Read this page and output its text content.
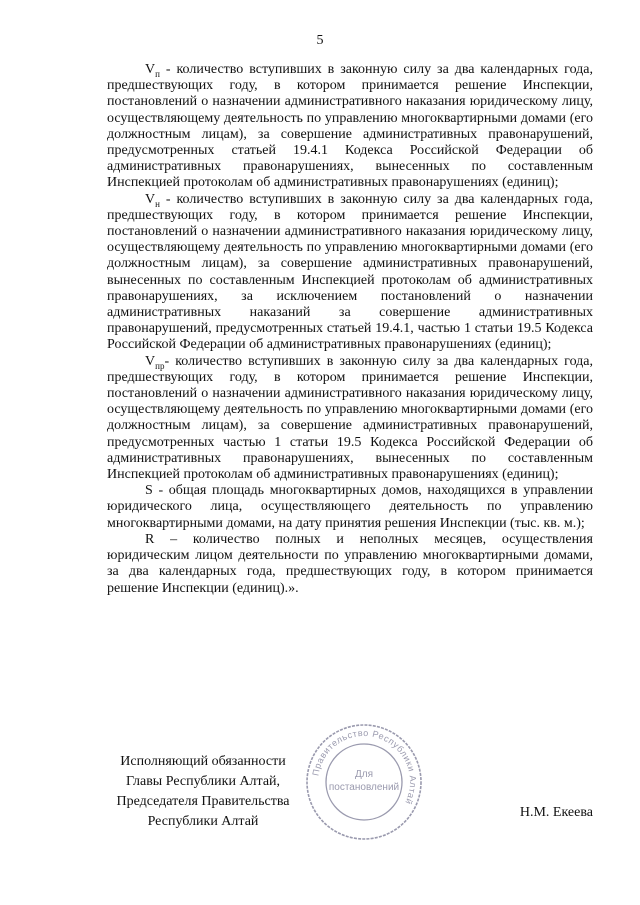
5

$V_п$ - количество вступивших в законную силу за два календарных года, предшествующих году, в котором принимается решение Инспекции, постановлений о назначении административного наказания юридическому лицу, осуществляющему деятельность по управлению многоквартирными домами (его должностным лицам), за совершение административных правонарушений, предусмотренных статьей 19.4.1 Кодекса Российской Федерации об административных правонарушениях, вынесенных по составленным Инспекцией протоколам об административных правонарушениях (единиц);

$V_н$ - количество вступивших в законную силу за два календарных года, предшествующих году, в котором принимается решение Инспекции, постановлений о назначении административного наказания юридическому лицу, осуществляющему деятельность по управлению многоквартирными домами (его должностным лицам), за совершение административных правонарушений, вынесенных по составленным Инспекцией протоколам об административных правонарушениях, за исключением постановлений о назначении административных наказаний за совершение административных правонарушений, предусмотренных статьей 19.4.1, частью 1 статьи 19.5 Кодекса Российской Федерации об административных правонарушениях (единиц);

$V_{пр}-$ количество вступивших в законную силу за два календарных года, предшествующих году, в котором принимается решение Инспекции, постановлений о назначении административного наказания юридическому лицу, осуществляющему деятельность по управлению многоквартирными домами (его должностным лицам), за совершение административных правонарушений, предусмотренных частью 1 статьи 19.5 Кодекса Российской Федерации об административных правонарушениях, вынесенных по составленным Инспекцией протоколам об административных правонарушениях (единиц);

S - общая площадь многоквартирных домов, находящихся в управлении юридического лица, осуществляющего деятельность по управлению многоквартирными домами, на дату принятия решения Инспекции (тыс. кв. м.);

R – количество полных и неполных месяцев, осуществления юридическим лицом деятельности по управлению многоквартирными домами, за два календарных года, предшествующих году, в котором принимается решение Инспекции (единиц).».

Исполняющий обязанности
Главы Республики Алтай,
Председателя Правительства
Республики Алтай
Правительство Республики Алтай
Для
постановлений
Н.М. Екеева
